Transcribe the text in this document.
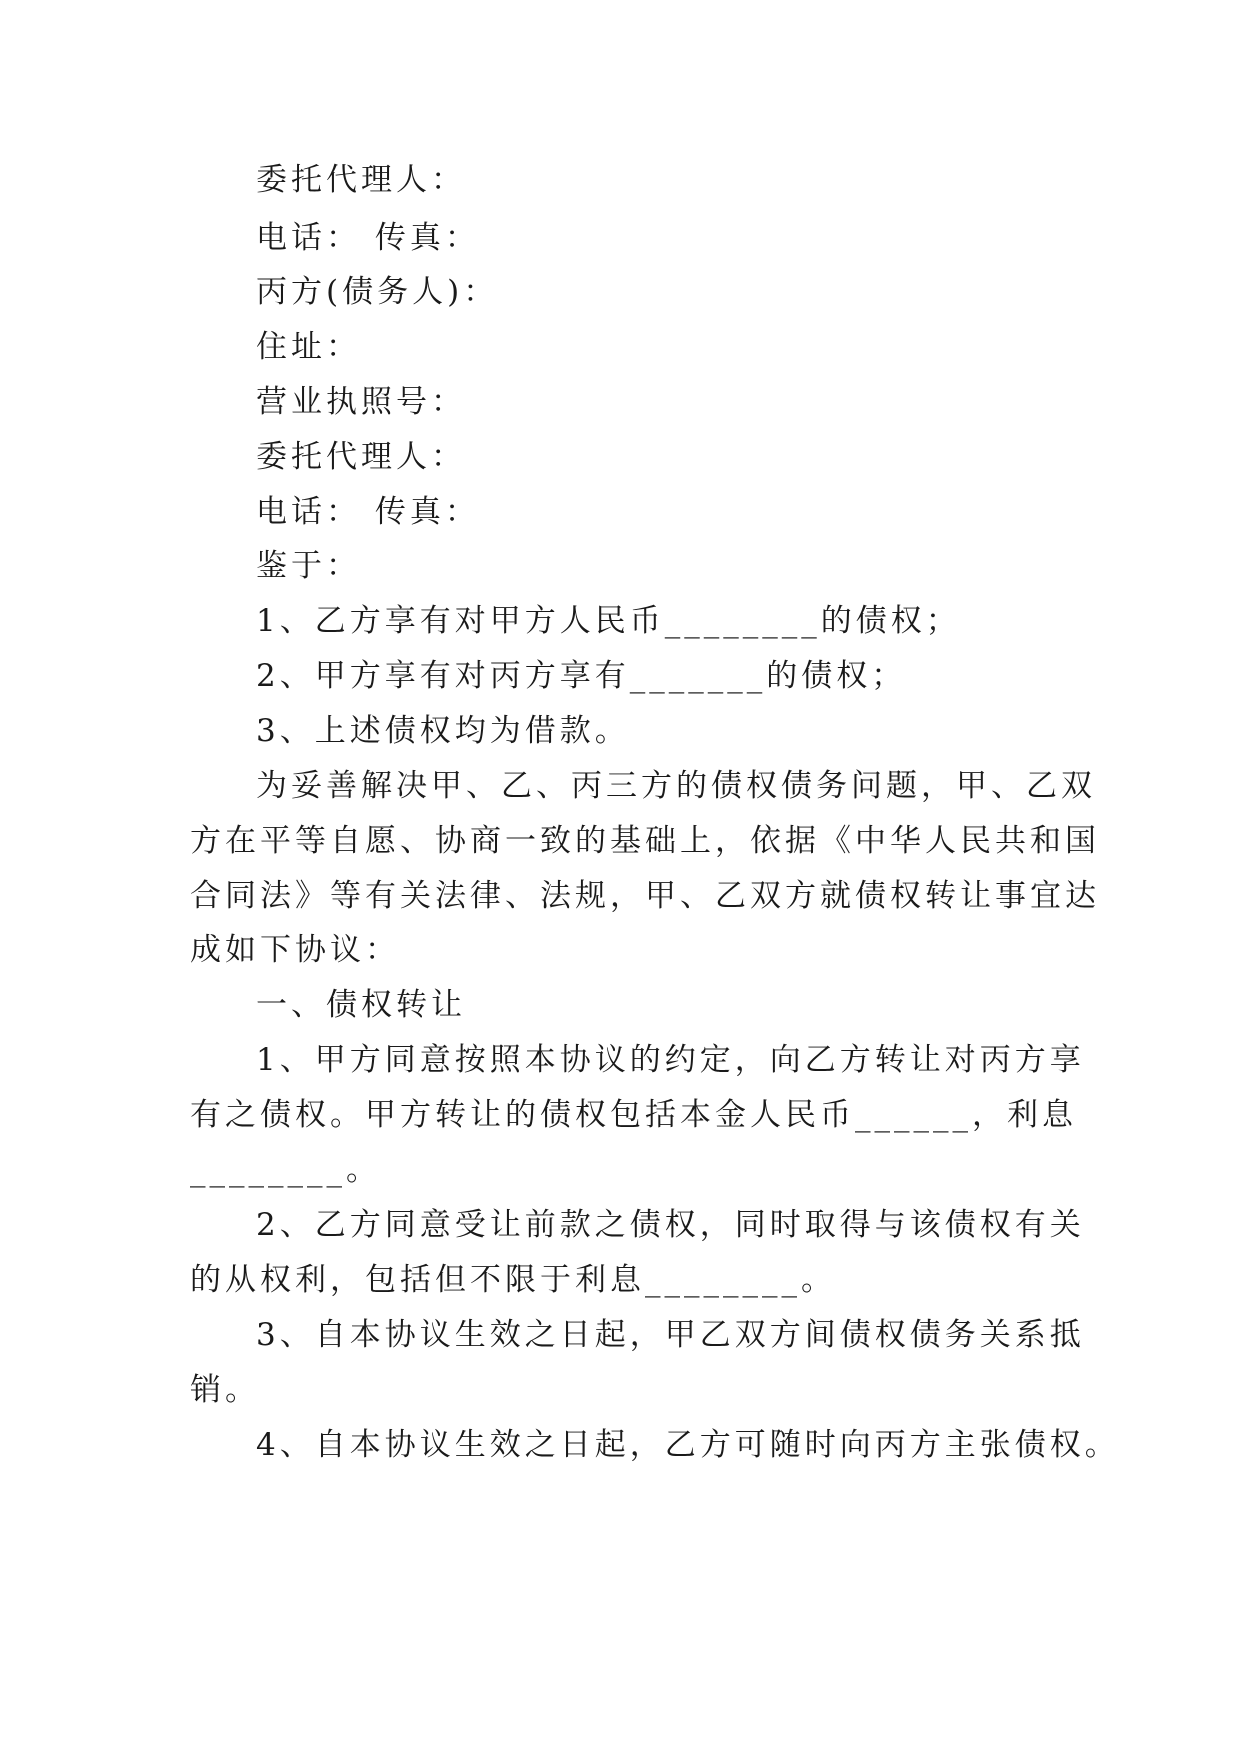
委托代理人：
电话： 传真：
丙方(债务人)：
住址：
营业执照号：
委托代理人：
电话： 传真：
鉴于：
1、乙方享有对甲方人民币________的债权；
2、甲方享有对丙方享有_______的债权；
3、上述债权均为借款。
为妥善解决甲、乙、丙三方的债权债务问题，甲、乙双
方在平等自愿、协商一致的基础上，依据《中华人民共和国
合同法》等有关法律、法规，甲、乙双方就债权转让事宜达
成如下协议：
一、债权转让
1、甲方同意按照本协议的约定，向乙方转让对丙方享
有之债权。甲方转让的债权包括本金人民币______，利息
________。
2、乙方同意受让前款之债权，同时取得与该债权有关
的从权利，包括但不限于利息________。
3、自本协议生效之日起，甲乙双方间债权债务关系抵
销。
4、自本协议生效之日起，乙方可随时向丙方主张债权。
